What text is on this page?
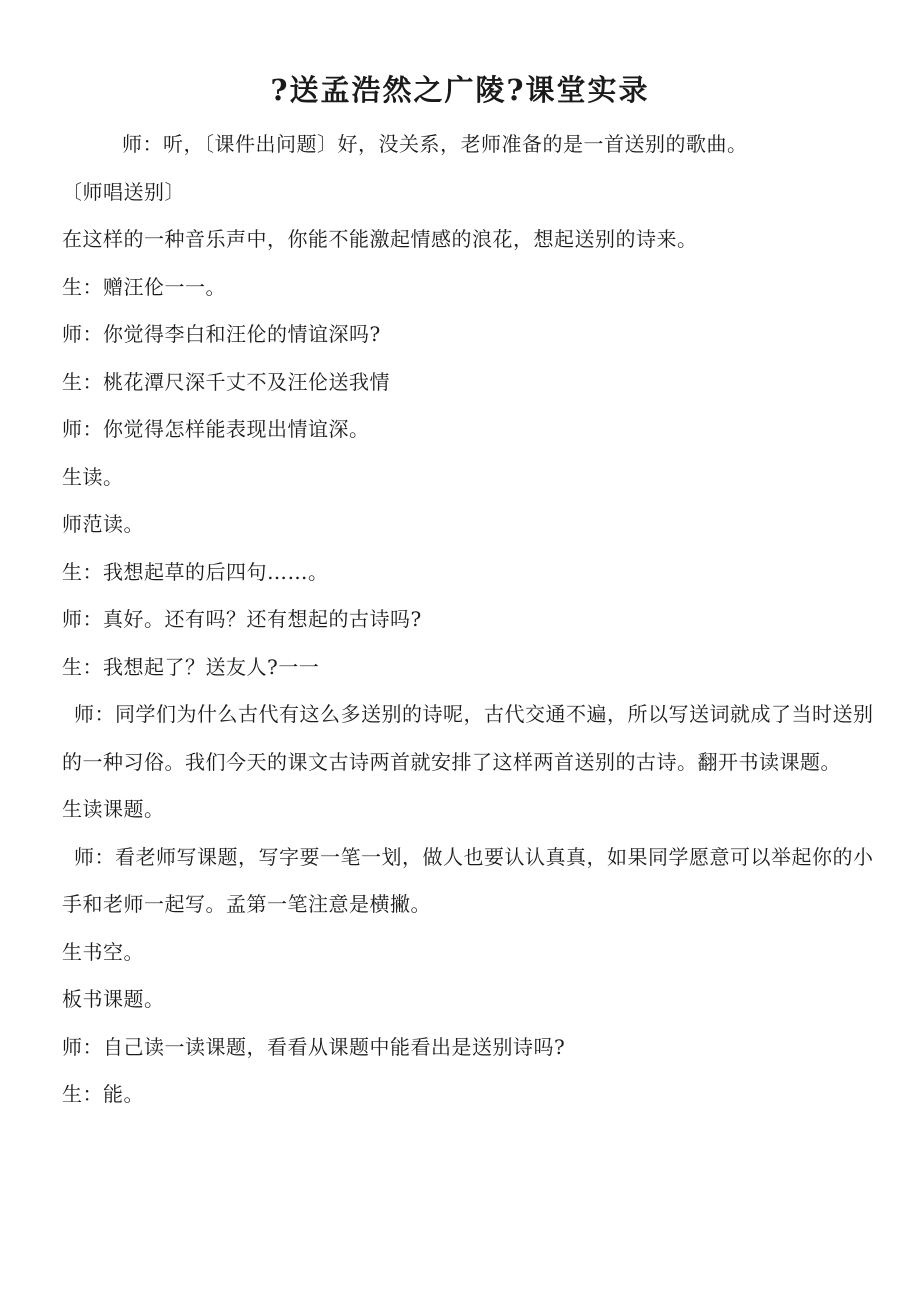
?送孟浩然之广陵?课堂实录

师：听，〔课件出问题〕好，没关系，老师准备的是一首送别的歌曲。

〔师唱送别〕

在这样的一种音乐声中，你能不能激起情感的浪花，想起送别的诗来。

生：赠汪伦一一。

师：你觉得李白和汪伦的情谊深吗?

生：桃花潭尺深千丈不及汪伦送我情

师：你觉得怎样能表现出情谊深。

生读。

师范读。

生：我想起草的后四句……。

师：真好。还有吗？还有想起的古诗吗?

生：我想起了？送友人?一一

师：同学们为什么古代有这么多送别的诗呢，古代交通不遍，所以写送词就成了当时送别的一种习俗。我们今天的课文古诗两首就安排了这样两首送别的古诗。翻开书读课题。

生读课题。

师：看老师写课题，写字要一笔一划，做人也要认认真真，如果同学愿意可以举起你的小手和老师一起写。孟第一笔注意是横撇。

生书空。

板书课题。

师：自己读一读课题，看看从课题中能看出是送别诗吗?

生：能。
